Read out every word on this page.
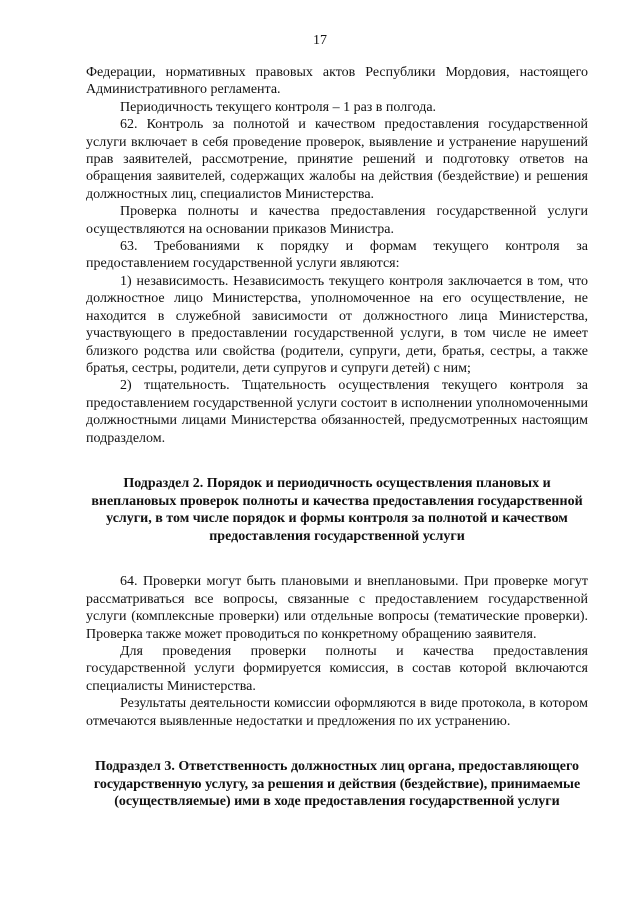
17

Федерации, нормативных правовых актов Республики Мордовия, настоящего Административного регламента.

Периодичность текущего контроля – 1 раз в полгода.

62. Контроль за полнотой и качеством предоставления государственной услуги включает в себя проведение проверок, выявление и устранение нарушений прав заявителей, рассмотрение, принятие решений и подготовку ответов на обращения заявителей, содержащих жалобы на действия (бездействие) и решения должностных лиц, специалистов Министерства.

Проверка полноты и качества предоставления государственной услуги осуществляются на основании приказов Министра.

63. Требованиями к порядку и формам текущего контроля за предоставлением государственной услуги являются:

1) независимость. Независимость текущего контроля заключается в том, что должностное лицо Министерства, уполномоченное на его осуществление, не находится в служебной зависимости от должностного лица Министерства, участвующего в предоставлении государственной услуги, в том числе не имеет близкого родства или свойства (родители, супруги, дети, братья, сестры, а также братья, сестры, родители, дети супругов и супруги детей) с ним;

2) тщательность. Тщательность осуществления текущего контроля за предоставлением государственной услуги состоит в исполнении уполномоченными должностными лицами Министерства обязанностей, предусмотренных настоящим подразделом.

Подраздел 2. Порядок и периодичность осуществления плановых и внеплановых проверок полноты и качества предоставления государственной услуги, в том числе порядок и формы контроля за полнотой и качеством предоставления государственной услуги

64. Проверки могут быть плановыми и внеплановыми. При проверке могут рассматриваться все вопросы, связанные с предоставлением государственной услуги (комплексные проверки) или отдельные вопросы (тематические проверки). Проверка также может проводиться по конкретному обращению заявителя.

Для проведения проверки полноты и качества предоставления государственной услуги формируется комиссия, в состав которой включаются специалисты Министерства.

Результаты деятельности комиссии оформляются в виде протокола, в котором отмечаются выявленные недостатки и предложения по их устранению.

Подраздел 3. Ответственность должностных лиц органа, предоставляющего государственную услугу, за решения и действия (бездействие), принимаемые (осуществляемые) ими в ходе предоставления государственной услуги
